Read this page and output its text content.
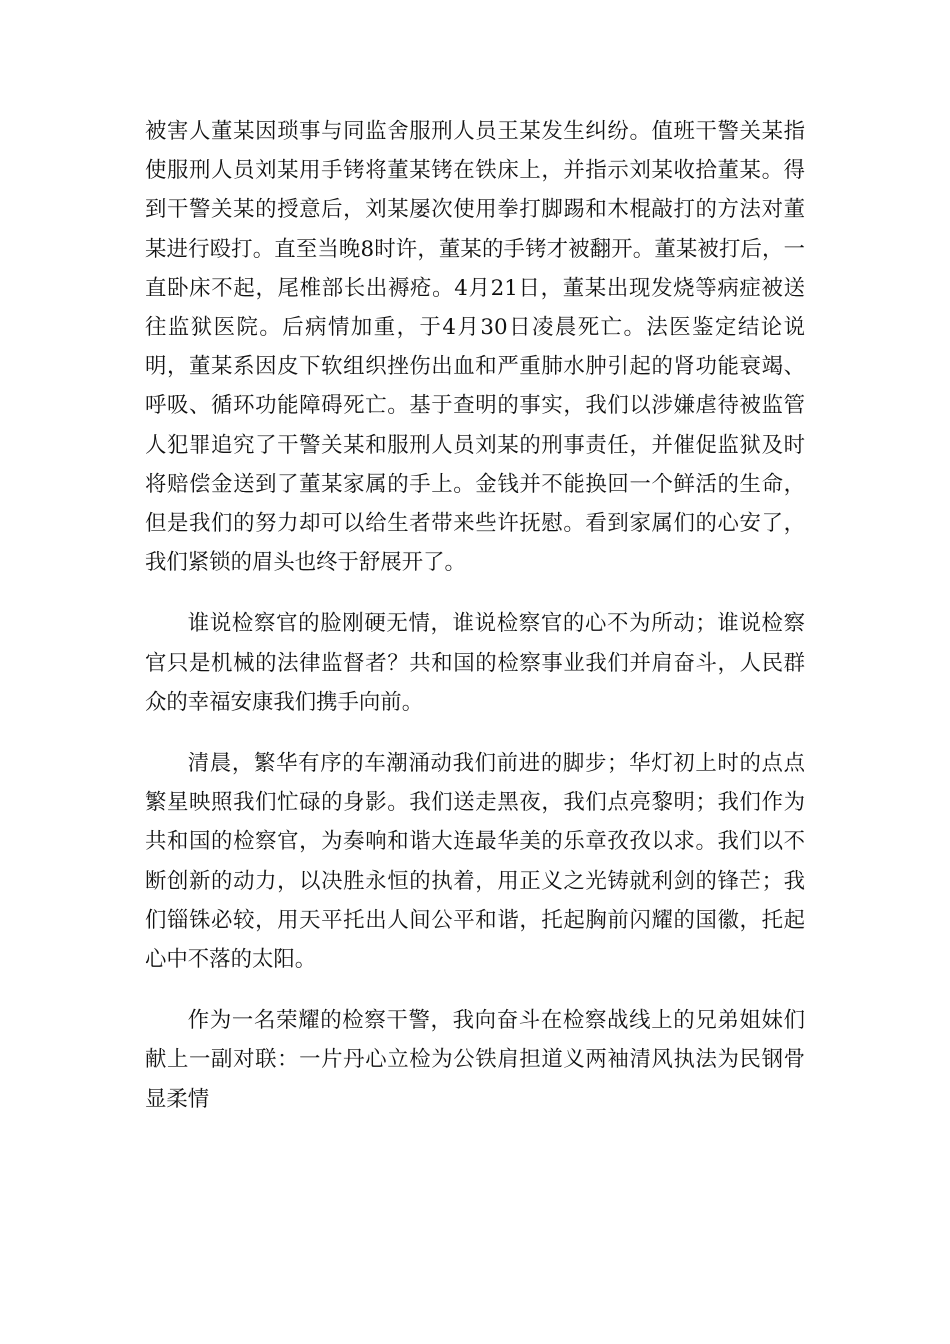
被害人董某因琐事与同监舍服刑人员王某发生纠纷。值班干警关某指使服刑人员刘某用手铐将董某铐在铁床上，并指示刘某收拾董某。得到干警关某的授意后，刘某屡次使用拳打脚踢和木棍敲打的方法对董某进行殴打。直至当晚8时许，董某的手铐才被翻开。董某被打后，一直卧床不起，尾椎部长出褥疮。4月21日，董某出现发烧等病症被送往监狱医院。后病情加重，于4月30日凌晨死亡。法医鉴定结论说明，董某系因皮下软组织挫伤出血和严重肺水肿引起的肾功能衰竭、呼吸、循环功能障碍死亡。基于查明的事实，我们以涉嫌虐待被监管人犯罪追究了干警关某和服刑人员刘某的刑事责任，并催促监狱及时将赔偿金送到了董某家属的手上。金钱并不能换回一个鲜活的生命，但是我们的努力却可以给生者带来些许抚慰。看到家属们的心安了，我们紧锁的眉头也终于舒展开了。

谁说检察官的脸刚硬无情，谁说检察官的心不为所动；谁说检察官只是机械的法律监督者？共和国的检察事业我们并肩奋斗，人民群众的幸福安康我们携手向前。

清晨，繁华有序的车潮涌动我们前进的脚步；华灯初上时的点点繁星映照我们忙碌的身影。我们送走黑夜，我们点亮黎明；我们作为共和国的检察官，为奏响和谐大连最华美的乐章孜孜以求。我们以不断创新的动力，以决胜永恒的执着，用正义之光铸就利剑的锋芒；我们锱铢必较，用天平托出人间公平和谐，托起胸前闪耀的国徽，托起心中不落的太阳。

作为一名荣耀的检察干警，我向奋斗在检察战线上的兄弟姐妹们献上一副对联：一片丹心立检为公铁肩担道义两袖清风执法为民钢骨显柔情
